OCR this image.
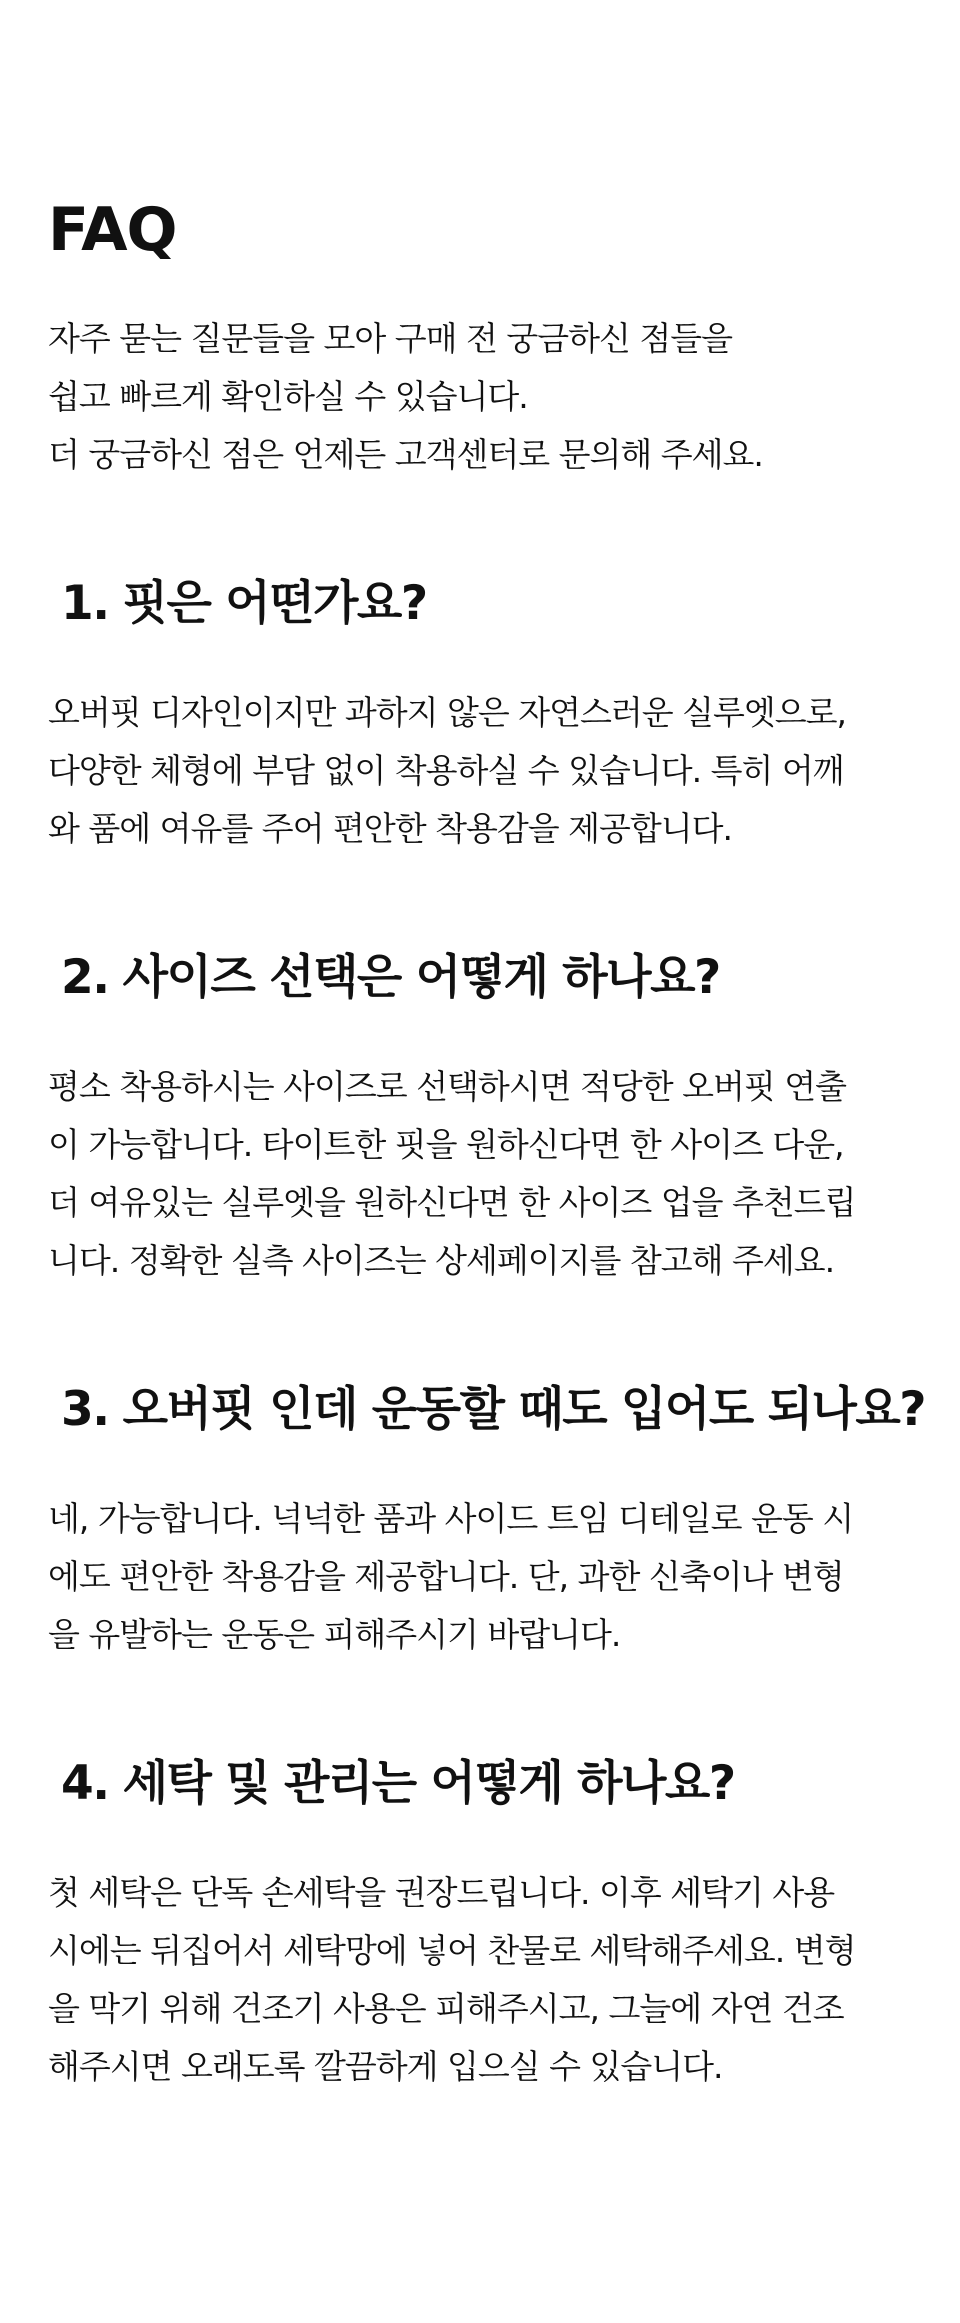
FAQ

자주 묻는 질문들을 모아 구매 전 궁금하신 점들을
쉽고 빠르게 확인하실 수 있습니다.
더 궁금하신 점은 언제든 고객센터로 문의해 주세요.

1. 핏은 어떤가요?

오버핏 디자인이지만 과하지 않은 자연스러운 실루엣으로,
다양한 체형에 부담 없이 착용하실 수 있습니다. 특히 어깨
와 품에 여유를 주어 편안한 착용감을 제공합니다.

2. 사이즈 선택은 어떻게 하나요?

평소 착용하시는 사이즈로 선택하시면 적당한 오버핏 연출
이 가능합니다. 타이트한 핏을 원하신다면 한 사이즈 다운,
더 여유있는 실루엣을 원하신다면 한 사이즈 업을 추천드립
니다. 정확한 실측 사이즈는 상세페이지를 참고해 주세요.

3. 오버핏 인데 운동할 때도 입어도 되나요?

네, 가능합니다. 넉넉한 품과 사이드 트임 디테일로 운동 시
에도 편안한 착용감을 제공합니다. 단, 과한 신축이나 변형
을 유발하는 운동은 피해주시기 바랍니다.

4. 세탁 및 관리는 어떻게 하나요?

첫 세탁은 단독 손세탁을 권장드립니다. 이후 세탁기 사용
시에는 뒤집어서 세탁망에 넣어 찬물로 세탁해주세요. 변형
을 막기 위해 건조기 사용은 피해주시고, 그늘에 자연 건조
해주시면 오래도록 깔끔하게 입으실 수 있습니다.
